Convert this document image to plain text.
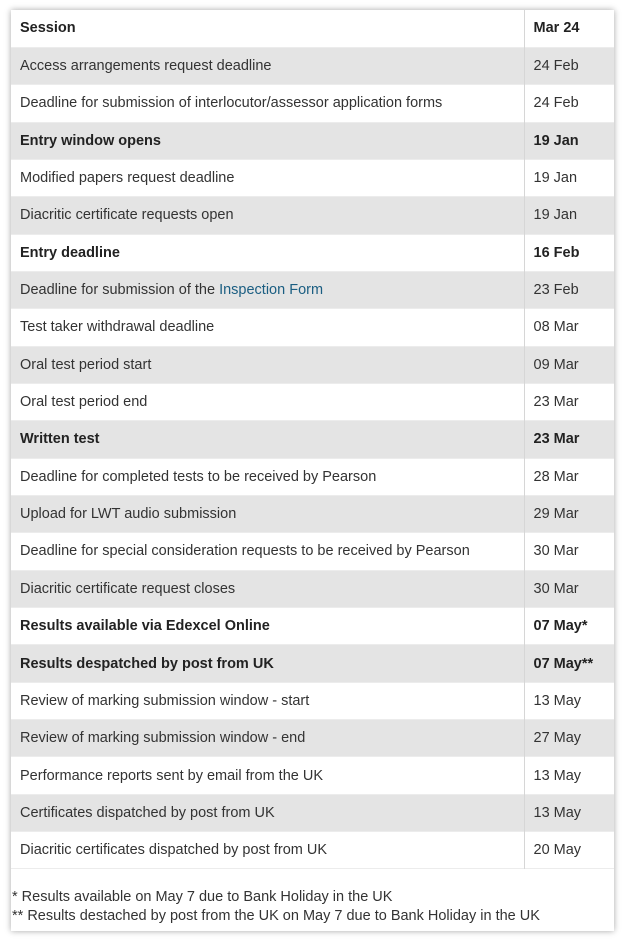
Session	Mar 24
Access arrangements request deadline	24 Feb
Deadline for submission of interlocutor/assessor application forms	24 Feb
Entry window opens	19 Jan
Modified papers request deadline	19 Jan
Diacritic certificate requests open	19 Jan
Entry deadline	16 Feb
Deadline for submission of the Inspection Form	23 Feb
Test taker withdrawal deadline	08 Mar
Oral test period start	09 Mar
Oral test period end	23 Mar
Written test	23 Mar
Deadline for completed tests to be received by Pearson	28 Mar
Upload for LWT audio submission	29 Mar
Deadline for special consideration requests to be received by Pearson	30 Mar
Diacritic certificate request closes	30 Mar
Results available via Edexcel Online	07 May*
Results despatched by post from UK	07 May**
Review of marking submission window - start	13 May
Review of marking submission window - end	27 May
Performance reports sent by email from the UK	13 May
Certificates dispatched by post from UK	13 May
Diacritic certificates dispatched by post from UK	20 May
* Results available on May 7 due to Bank Holiday in the UK
** Results destached by post from the UK on May 7 due to Bank Holiday in the UK
